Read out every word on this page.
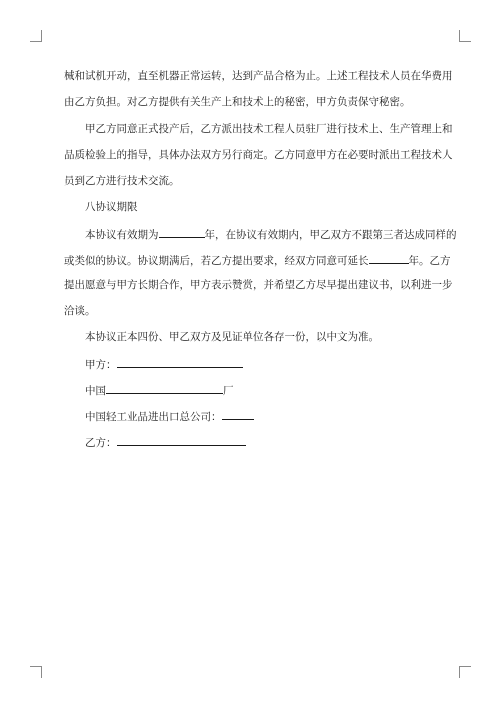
械和试机开动，直至机器正常运转，达到产品合格为止。上述工程技术人员在华费用
由乙方负担。对乙方提供有关生产上和技术上的秘密，甲方负责保守秘密。
甲乙方同意正式投产后，乙方派出技术工程人员驻厂进行技术上、生产管理上和
品质检验上的指导，具体办法双方另行商定。乙方同意甲方在必要时派出工程技术人
员到乙方进行技术交流。
八协议期限
本协议有效期为	年，在协议有效期内，甲乙双方不跟第三者达成同样的
或类似的协议。协议期满后，若乙方提出要求，经双方同意可延长	年。乙方
提出愿意与甲方长期合作，甲方表示赞赏，并希望乙方尽早提出建议书，以利进一步
洽谈。
本协议正本四份、甲乙双方及见证单位各存一份，以中文为准。
甲方：
中国	厂
中国轻工业品进出口总公司：
乙方：
